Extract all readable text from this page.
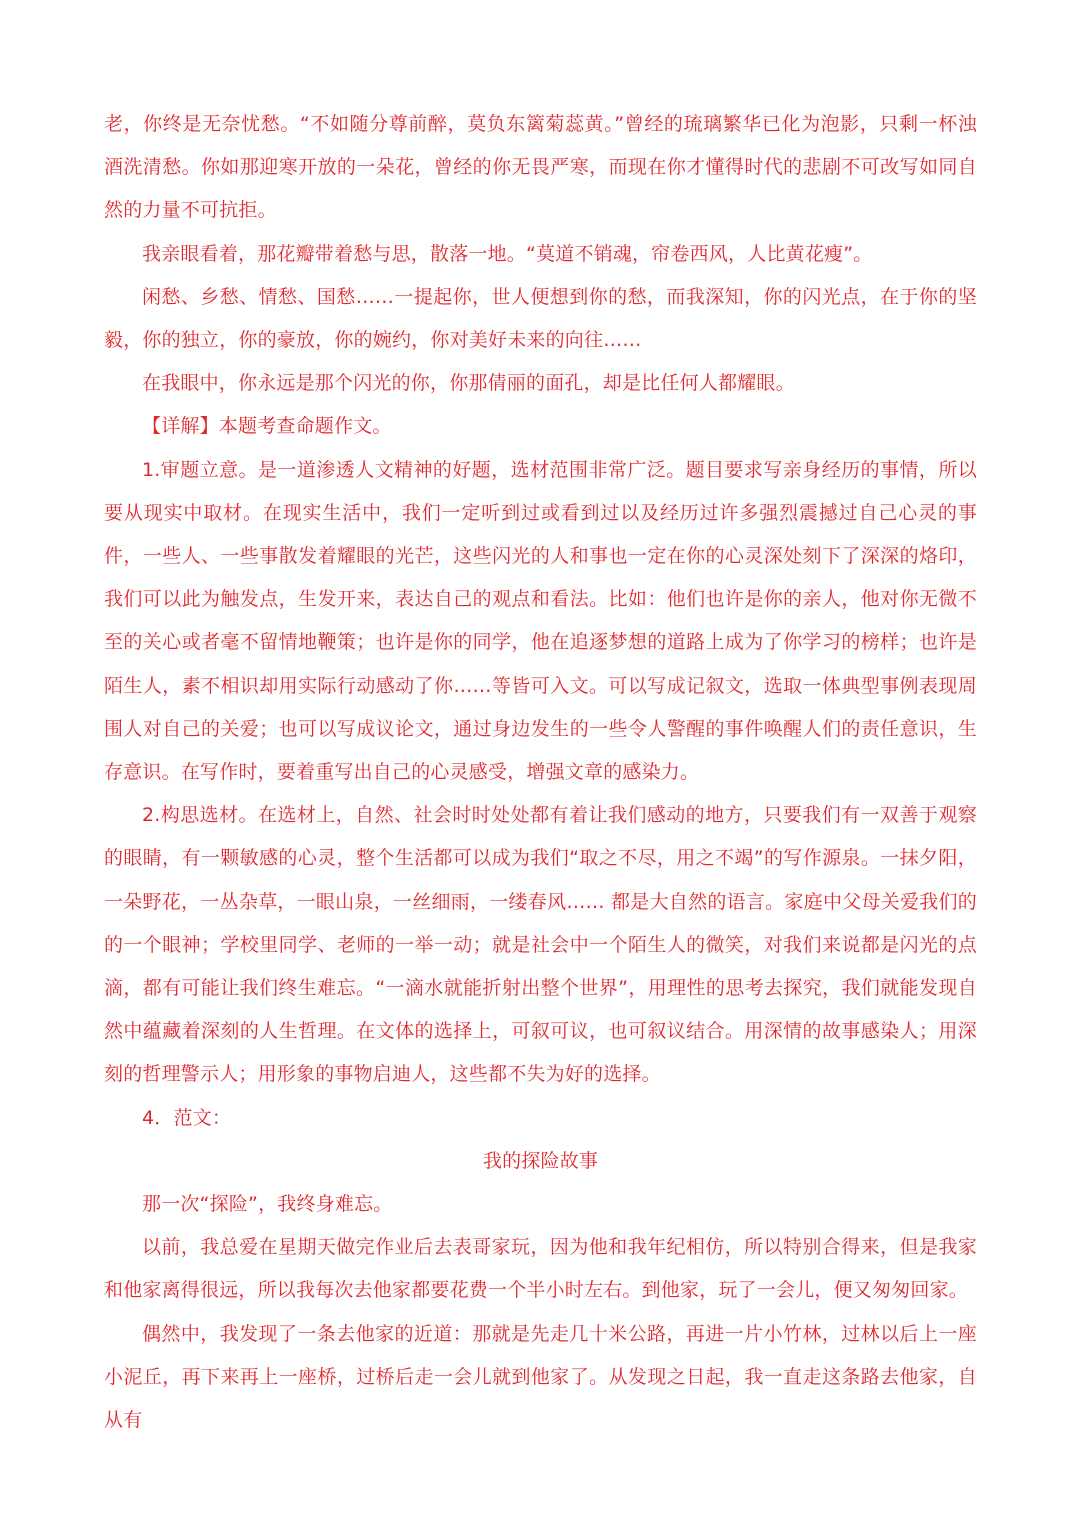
老，你终是无奈忧愁。“不如随分尊前醉，莫负东篱菊蕊黄。”曾经的琉璃繁华已化为泡影，只剩一杯浊酒洗清愁。你如那迎寒开放的一朵花，曾经的你无畏严寒，而现在你才懂得时代的悲剧不可改写如同自然的力量不可抗拒。

我亲眼看着，那花瓣带着愁与思，散落一地。“莫道不销魂，帘卷西风，人比黄花瘦”。

闲愁、乡愁、情愁、国愁……一提起你，世人便想到你的愁，而我深知，你的闪光点，在于你的坚毅，你的独立，你的豪放，你的婉约，你对美好未来的向往……

在我眼中，你永远是那个闪光的你，你那倩丽的面孔，却是比任何人都耀眼。

【详解】本题考查命题作文。

1.审题立意。是一道渗透人文精神的好题，选材范围非常广泛。题目要求写亲身经历的事情，所以要从现实中取材。在现实生活中，我们一定听到过或看到过以及经历过许多强烈震撼过自己心灵的事件，一些人、一些事散发着耀眼的光芒，这些闪光的人和事也一定在你的心灵深处刻下了深深的烙印，我们可以此为触发点，生发开来，表达自己的观点和看法。比如：他们也许是你的亲人，他对你无微不至的关心或者毫不留情地鞭策；也许是你的同学，他在追逐梦想的道路上成为了你学习的榜样；也许是陌生人，素不相识却用实际行动感动了你……等皆可入文。可以写成记叙文，选取一体典型事例表现周围人对自己的关爱；也可以写成议论文，通过身边发生的一些令人警醒的事件唤醒人们的责任意识，生存意识。在写作时，要着重写出自己的心灵感受，增强文章的感染力。

2.构思选材。在选材上，自然、社会时时处处都有着让我们感动的地方，只要我们有一双善于观察的眼睛，有一颗敏感的心灵，整个生活都可以成为我们“取之不尽，用之不竭”的写作源泉。一抹夕阳，一朵野花，一丛杂草，一眼山泉，一丝细雨，一缕春风…… 都是大自然的语言。家庭中父母关爱我们的的一个眼神；学校里同学、老师的一举一动；就是社会中一个陌生人的微笑，对我们来说都是闪光的点滴，都有可能让我们终生难忘。“一滴水就能折射出整个世界”，用理性的思考去探究，我们就能发现自然中蕴藏着深刻的人生哲理。在文体的选择上，可叙可议，也可叙议结合。用深情的故事感染人；用深刻的哲理警示人；用形象的事物启迪人，这些都不失为好的选择。

4．范文：

我的探险故事

那一次“探险”，我终身难忘。

以前，我总爱在星期天做完作业后去表哥家玩，因为他和我年纪相仿，所以特别合得来，但是我家和他家离得很远，所以我每次去他家都要花费一个半小时左右。到他家，玩了一会儿，便又匆匆回家。

偶然中，我发现了一条去他家的近道：那就是先走几十米公路，再进一片小竹林，过林以后上一座小泥丘，再下来再上一座桥，过桥后走一会儿就到他家了。从发现之日起，我一直走这条路去他家，自从有
